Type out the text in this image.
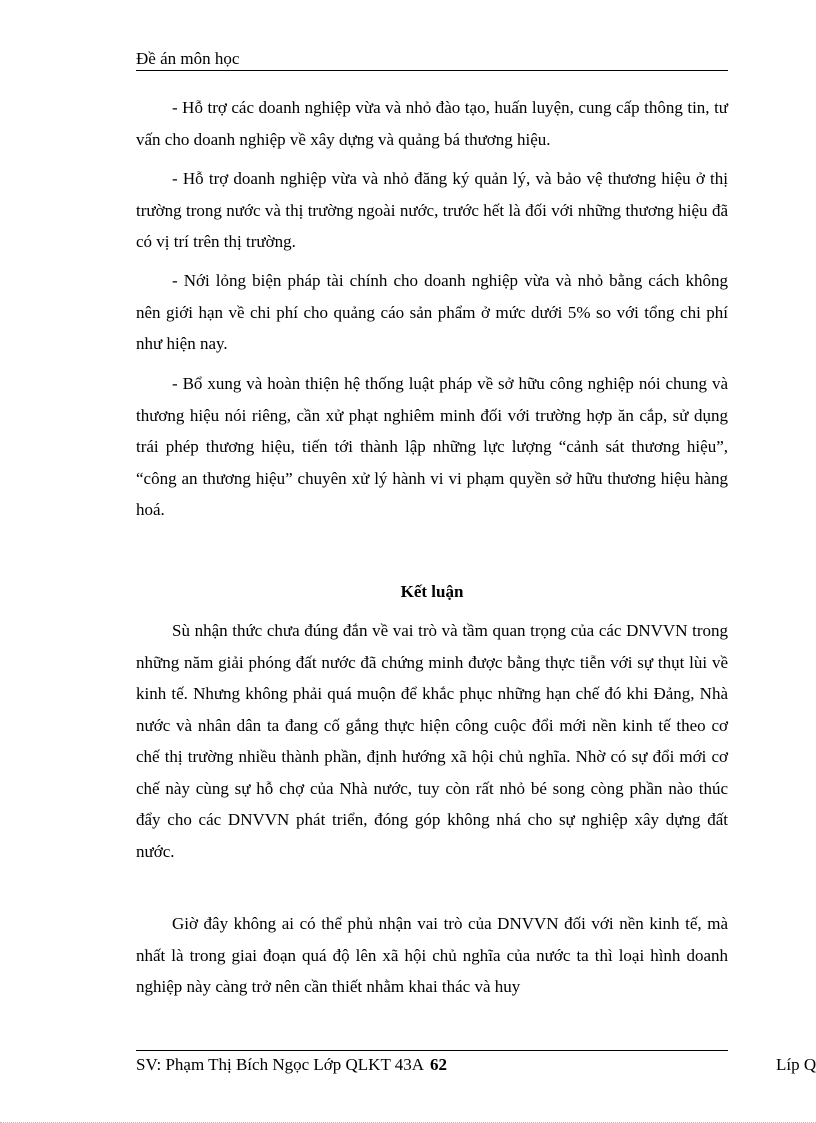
Đề án môn học

- Hỗ trợ các doanh nghiệp vừa và nhỏ đào tạo, huấn luyện, cung cấp thông tin, tư vấn cho doanh nghiệp về xây dựng và quảng bá thương hiệu.

- Hỗ trợ doanh nghiệp vừa và nhỏ đăng ký quản lý, và bảo vệ thương hiệu ở thị trường trong nước và thị trường ngoài nước, trước hết là đối với những thương hiệu đã có vị trí trên thị trường.

- Nới lỏng biện pháp tài chính cho doanh nghiệp vừa và nhỏ bằng cách không nên giới hạn về chi phí cho quảng cáo sản phẩm ở mức dưới 5% so với tổng chi phí như hiện nay.

- Bổ xung và hoàn thiện hệ thống luật pháp về sở hữu công nghiệp nói chung và thương hiệu nói riêng, cần xử phạt nghiêm minh đối với trường hợp ăn cắp, sử dụng trái phép thương hiệu, tiến tới thành lập những lực lượng “cảnh sát thương hiệu”, “công an thương hiệu” chuyên xử lý hành vi vi phạm quyền sở hữu thương hiệu hàng hoá.

Kết luận

Sù nhận thức chưa đúng đắn về vai trò và tầm quan trọng của các DNVVN trong những năm giải phóng đất nước đã chứng minh được bằng thực tiễn với sự thụt lùi về kinh tế. Nhưng không phải quá muộn để khắc phục những hạn chế đó khi Đảng, Nhà nước và nhân dân ta đang cố gắng thực hiện công cuộc đổi mới nền kinh tế theo cơ chế thị trường nhiều thành phần, định hướng xã hội chủ nghĩa. Nhờ có sự đổi mới cơ chế này cùng sự hỗ chợ của Nhà nước, tuy còn rất nhỏ bé song còng phần nào thúc đẩy cho các DNVVN phát triển, đóng góp không nhá cho sự nghiệp xây dựng đất nước.

Giờ đây không ai có thể phủ nhận vai trò của DNVVN đối với nền kinh tế, mà nhất là trong giai đoạn quá độ lên xã hội chủ nghĩa của nước ta thì loại hình doanh nghiệp này càng trở nên cần thiết nhằm khai thác và huy

SV: Phạm Thị Bích Ngọc Lớp QLKT 43A 62	Líp Q
